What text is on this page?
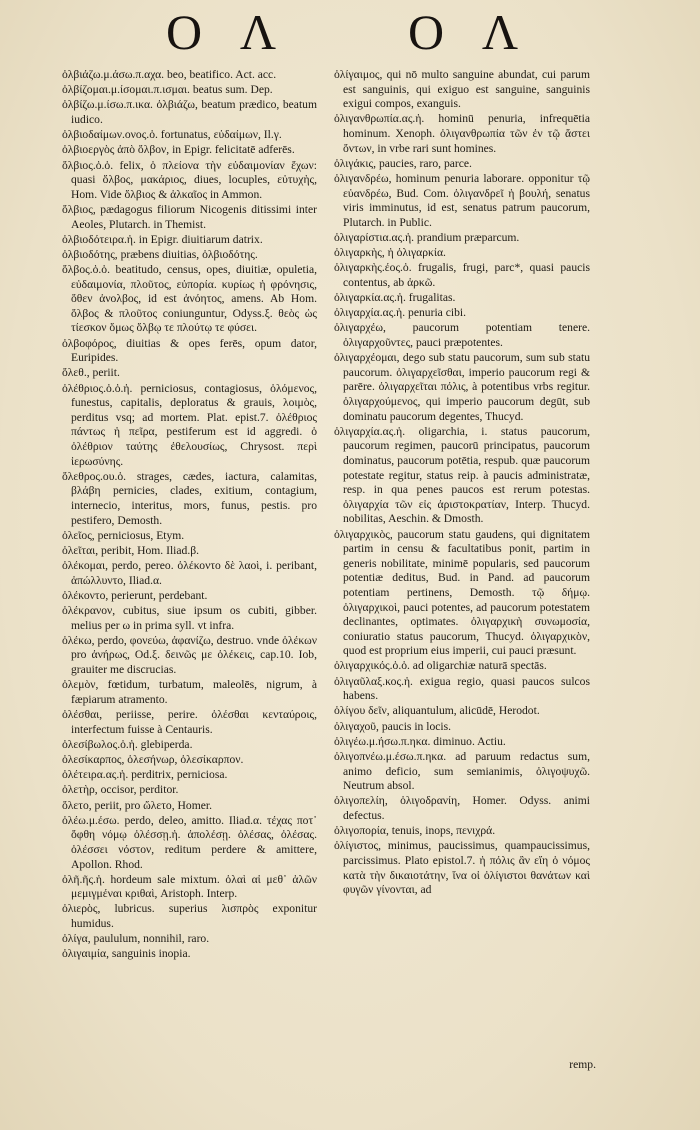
Ο Λ Ο Λ

ὀλβιάζω.μ.άσω.π.αχα. beo, beatifico. Act. acc.

ὀλβίζομαι.μ.ίσομαι.π.ισμαι. beatus sum. Dep.

ὀλβίζω.μ.ίσω.π.ικα. ὀλβιάζω, beatum prædico, beatum iudico.

ὀλβιοδαίμων.ονος.ὁ. fortunatus, εὐδαίμων, Il.γ.

ὀλβιοεργὸς ἀπὸ ὄλβον, in Epigr. felicitatē adferēs.

ὄλβιος.ὁ.ὁ. felix, ὁ πλείονα τὴν εὐδαιμονίαν ἔχων: quasi ὄλβος, μακάριος, diues, locuples, εὐτυχὴς, Hom. Vide ὄλβιος & ἀλκαῖος in Ammon.

ὄλβιος, pædagogus filiorum Nicogenis ditissimi inter Aeoles, Plutarch. in Themist.

ὀλβιοδότειρα.ἡ. in Epigr. diuitiarum datrix.

ὀλβιοδότης, præbens diuitias, ὀλβιοδότης.

ὄλβος.ὁ.ὁ. beatitudo, census, opes, diuitiæ, opuletia, εὐδαιμονία, πλοῦτος, εὐπορία. κυρίως ἡ φρόνησις, ὅθεν ἀνολβος, id est ἀνόητος, amens. Ab Hom. ὄλβος & πλοῦτος coniunguntur, Odyss.ξ. θεὸς ὡς τίεσκον ὅμως ὄλβῳ τε πλούτῳ τε φύσει.

ὀλβοφόρος, diuitias & opes ferēs, opum dator, Euripides.

ὄλεθ., periit.

ὀλέθριος.ὁ.ὁ.ἡ. perniciosus, contagiosus, ὀλόμενος, funestus, capitalis, deploratus & grauis, λοιμὸς, perditus vsq; ad mortem. Plat. epist.7. ὀλέθριος πάντως ἡ πεῖρα, pestiferum est id aggredi. ὁ ὀλέθριον ταύτης ἐθελουσίως, Chrysost. περὶ ἱερωσύνης.

ὄλεθρος.ου.ὁ. strages, cædes, iactura, calamitas, βλάβη pernicies, clades, exitium, contagium, internecio, interitus, mors, funus, pestis. pro pestifero, Demosth.

ὀλεῖος, perniciosus, Etym.

ὀλεῖται, peribit, Hom. Iliad.β.

ὀλέκομαι, perdo, pereo. ὀλέκοντο δὲ λαοὶ, i. peribant, ἀπώλλυντο, Iliad.α.

ὀλέκοντο, perierunt, perdebant.

ὀλέκρανον, cubitus, siue ipsum os cubiti, gibber. melius per ω in prima syll. vt infra.

ὀλέκω, perdo, φονεύω, ἀφανίζω, destruo. vnde ὀλέκων pro ἀνήρως, Od.ξ. δεινῶς με ὀλέκεις, cap.10. Iob, grauiter me discrucias.

ὀλεμὸν, fœtidum, turbatum, maleolēs, nigrum, à fæpiarum atramento.

ὀλέσθαι, periisse, perire. ὀλέσθαι κενταύροις, interfectum fuisse à Centauris.

ὀλεσίβωλος.ὁ.ἡ. glebiperda.

ὀλεσίκαρπος, ὀλεσήνωρ, ὀλεσίκαρπον.

ὀλέτειρα.ας.ἡ. perditrix, perniciosa.

ὀλετὴρ, occisor, perditor.

ὄλετο, periit, pro ὤλετο, Homer.

ὀλέω.μ.έσω. perdo, deleo, amitto. Iliad.α. τέχας ποτ᾽ ὄφθη νόμῳ ὀλέσσῃ.ἡ. ἀπολέσῃ. ὀλέσας, ὀλέσας. ὀλέσσει νόστον, reditum perdere & amittere, Apollon. Rhod.

ὀλῆ.ῆς.ἡ. hordeum sale mixtum. ὀλαὶ αἱ μεθ᾽ ἁλῶν μεμιγμέναι κριθαὶ, Aristoph. Interp.

ὀλιερὸς, lubricus. superius λισπρὸς exponitur humidus.

ὀλίγα, paululum, nonnihil, raro.

ὀλιγαιμία, sanguinis inopia.

ὀλίγαιμος, qui nō multo sanguine abundat, cui parum est sanguinis, qui exiguo est sanguine, sanguinis exigui compos, exanguis.

ὀλιγανθρωπία.ας.ἡ. hominū penuria, infrequētia hominum. Xenoph. ὀλιγανθρωπία τῶν ἐν τῷ ἄστει ὄντων, in vrbe rari sunt homines.

ὀλιγάκις, paucies, raro, parce.

ὀλιγανδρέω, hominum penuria laborare. opponitur τῷ εὐανδρέω, Bud. Com. ὀλιγανδρεῖ ἡ βουλή, senatus viris imminutus, id est, senatus patrum paucorum, Plutarch. in Public.

ὀλιγαρίστια.ας.ἡ. prandium præparcum.

ὀλιγαρκὴς, ἡ ὀλιγαρκία.

ὀλιγαρκὴς.έος.ὁ. frugalis, frugi, parc*, quasi paucis contentus, ab ἀρκῶ.

ὀλιγαρκία.ας.ἡ. frugalitas.

ὀλιγαρχία.ας.ἡ. penuria cibi.

ὀλιγαρχέω, paucorum potentiam tenere. ὀλιγαρχοῦντες, pauci præpotentes.

ὀλιγαρχέομαι, dego sub statu paucorum, sum sub statu paucorum. ὀλιγαρχεῖσθαι, imperio paucorum regi & parēre. ὀλιγαρχεῖται πόλις, à potentibus vrbs regitur. ὀλιγαρχούμενος, qui imperio paucorum degūt, sub dominatu paucorum degentes, Thucyd.

ὀλιγαρχία.ας.ἡ. oligarchia, i. status paucorum, paucorum regimen, paucorū principatus, paucorum dominatus, paucorum potētia, respub. quæ paucorum potestate regitur, status reip. à paucis administratæ, resp. in qua penes paucos est rerum potestas. ὀλιγαρχία τῶν εἰς ἀριστοκρατίαν, Interp. Thucyd. nobilitas, Aeschin. & Dmosth.

ὀλιγαρχικὸς, paucorum statu gaudens, qui dignitatem partim in censu & facultatibus ponit, partim in generis nobilitate, minimē popularis, sed paucorum potentiæ deditus, Bud. in Pand. ad paucorum potentiam pertinens, Demosth. τῷ δήμῳ. ὀλιγαρχικοὶ, pauci potentes, ad paucorum potestatem declinantes, optimates. ὀλιγαρχικὴ συνωμοσία, coniuratio status paucorum, Thucyd. ὀλιγαρχικὸν, quod est proprium eius imperii, cui pauci præsunt.

ὀλιγαρχικός.ὁ.ὁ. ad oligarchiæ naturā spectās.

ὀλιγαῦλαξ.κος.ἡ. exigua regio, quasi paucos sulcos habens.

ὀλίγου δεῖν, aliquantulum, alicūdē, Herodot.

ὀλιγαχοῦ, paucis in locis.

ὀλιγέω.μ.ήσω.π.ηκα. diminuo. Actiu.

ὀλιγοπνέω.μ.έσω.π.ηκα. ad paruum redactus sum, animo deficio, sum semianimis, ὀλιγοψυχῶ. Neutrum absol.

ὀλιγοπελίη, ὀλιγοδρανίη, Homer. Odyss. animi defectus.

ὀλιγοπορία, tenuis, inops, πενιχρά.

ὀλίγιστος, minimus, paucissimus, quampaucissimus, parcissimus. Plato epistol.7. ἡ πόλις ἂν εἴη ὁ νόμος κατὰ τὴν δικαιοτάτην, ἵνα οἱ ὀλίγιστοι θανάτων καὶ φυγῶν γίνονται, ad

remp.
